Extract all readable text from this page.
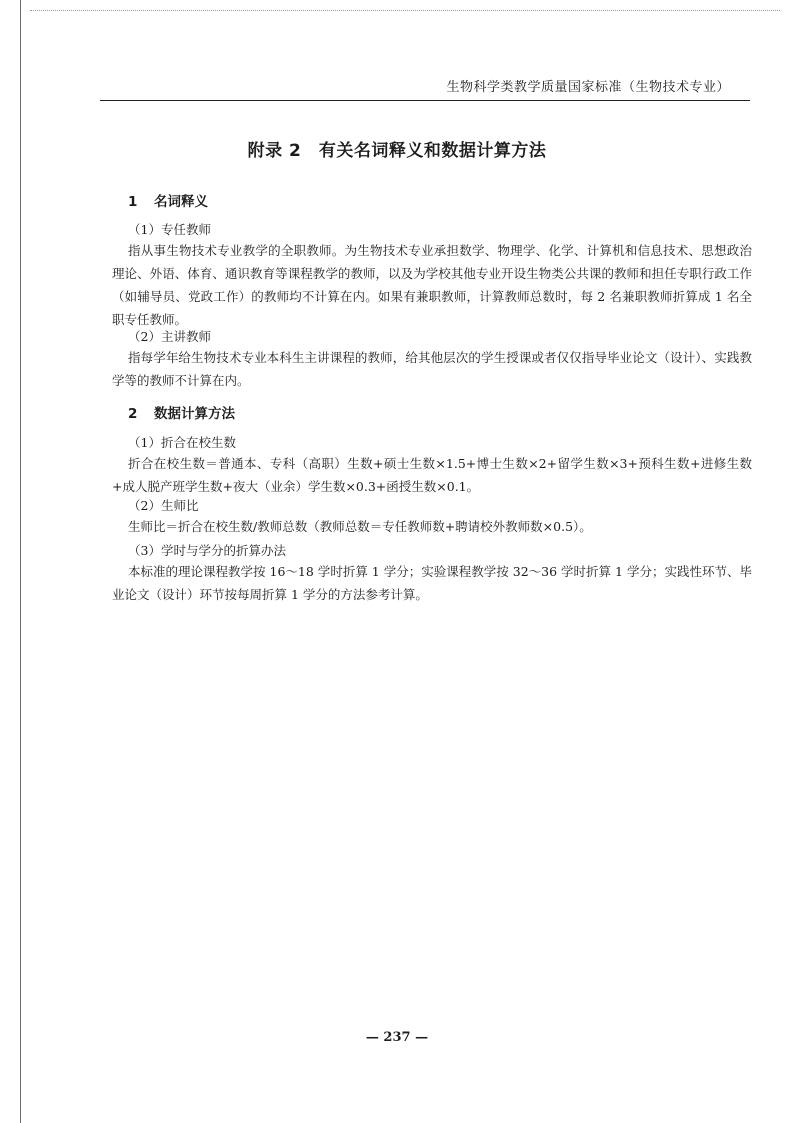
生物科学类教学质量国家标准（生物技术专业）
附录 2　有关名词释义和数据计算方法
1 名词释义
（1）专任教师
指从事生物技术专业教学的全职教师。为生物技术专业承担数学、物理学、化学、计算机和信息技术、思想政治理论、外语、体育、通识教育等课程教学的教师，以及为学校其他专业开设生物类公共课的教师和担任专职行政工作（如辅导员、党政工作）的教师均不计算在内。如果有兼职教师，计算教师总数时，每 2 名兼职教师折算成 1 名全职专任教师。
（2）主讲教师
指每学年给生物技术专业本科生主讲课程的教师，给其他层次的学生授课或者仅仅指导毕业论文（设计）、实践教学等的教师不计算在内。
2 数据计算方法
（1）折合在校生数
折合在校生数＝普通本、专科（高职）生数+硕士生数×1.5+博士生数×2+留学生数×3+预科生数+进修生数+成人脱产班学生数+夜大（业余）学生数×0.3+函授生数×0.1。
（2）生师比
生师比＝折合在校生数/教师总数（教师总数＝专任教师数+聘请校外教师数×0.5）。
（3）学时与学分的折算办法
本标准的理论课程教学按 16～18 学时折算 1 学分；实验课程教学按 32～36 学时折算 1 学分；实践性环节、毕业论文（设计）环节按每周折算 1 学分的方法参考计算。
— 237 —
